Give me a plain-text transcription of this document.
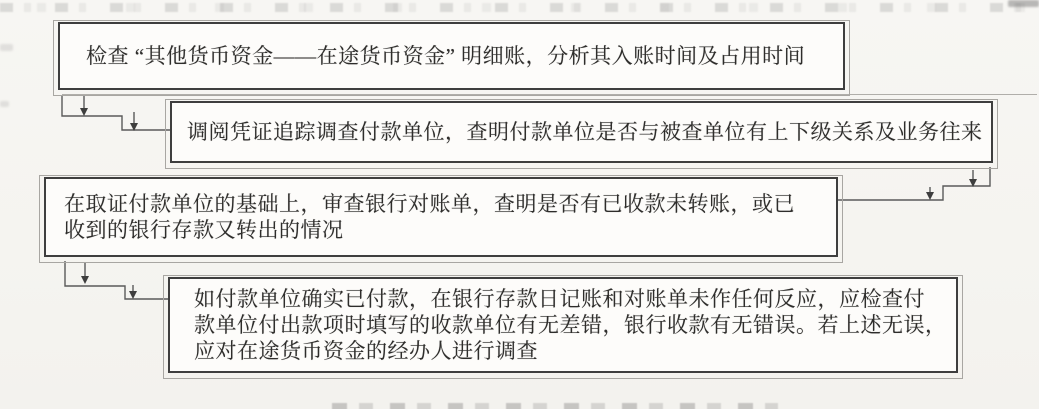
检查 “其他货币资金——在途货币资金” 明细账，分析其入账时间及占用时间
调阅凭证追踪调查付款单位，查明付款单位是否与被查单位有上下级关系及业务往来
在取证付款单位的基础上，审查银行对账单，查明是否有已收款未转账，或已
收到的银行存款又转出的情况
如付款单位确实已付款，在银行存款日记账和对账单未作任何反应，应检查付
款单位付出款项时填写的收款单位有无差错，银行收款有无错误。若上述无误，
应对在途货币资金的经办人进行调查
